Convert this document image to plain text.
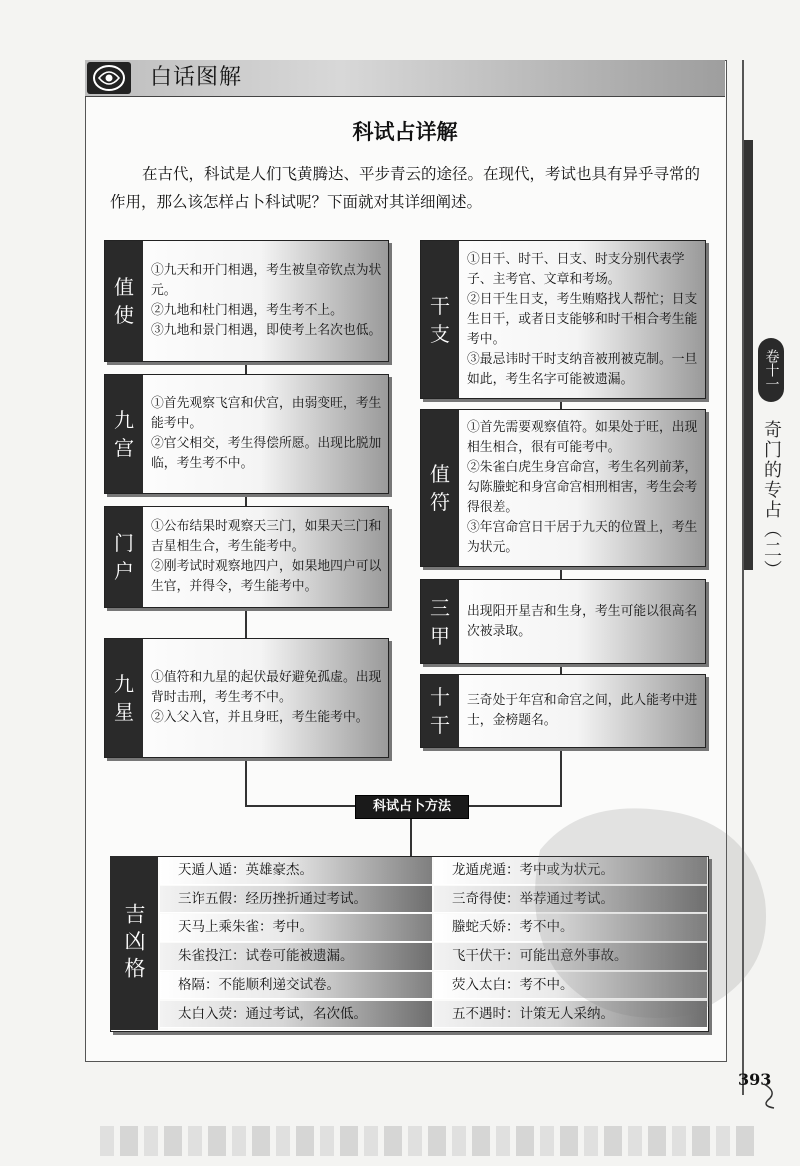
白话图解
科试占详解
在古代，科试是人们飞黄腾达、平步青云的途径。在现代，考试也具有异乎寻常的作用，那么该怎样占卜科试呢？下面就对其详细阐述。
值
使
①九天和开门相遇，考生被皇帝钦点为状元。
②九地和杜门相遇，考生考不上。
③九地和景门相遇，即使考上名次也低。
九
宫
①首先观察飞宫和伏宫，由弱变旺，考生能考中。
②官父相交，考生得偿所愿。出现比脱加临，考生考不中。
门
户
①公布结果时观察天三门，如果天三门和吉星相生合，考生能考中。
②刚考试时观察地四户，如果地四户可以生官，并得令，考生能考中。
九
星
①值符和九星的起伏最好避免孤虚。出现背时击刑，考生考不中。
②入父入官，并且身旺，考生能考中。
干
支
①日干、时干、日支、时支分别代表学子、主考官、文章和考场。
②日干生日支，考生贿赂找人帮忙；日支生日干，或者日支能够和时干相合考生能考中。
③最忌讳时干时支纳音被刑被克制。一旦如此，考生名字可能被遗漏。
值
符
①首先需要观察值符。如果处于旺，出现相生相合，很有可能考中。
②朱雀白虎生身宫命宫，考生名列前茅，勾陈螣蛇和身宫命宫相刑相害，考生会考得很差。
③年宫命宫日干居于九天的位置上，考生为状元。
三
甲
出现阳开星吉和生身，考生可能以很高名次被录取。
十
干
三奇处于年宫和命宫之间，此人能考中进士，金榜题名。
科试占卜方法
吉凶格
天遁人遁：英雄豪杰。
三诈五假：经历挫折通过考试。
天马上乘朱雀：考中。
朱雀投江：试卷可能被遗漏。
格隔：不能顺利递交试卷。
太白入荧：通过考试，名次低。
龙遁虎遁：考中或为状元。
三奇得使：举荐通过考试。
螣蛇夭娇：考不中。
飞干伏干：可能出意外事故。
荧入太白：考不中。
五不遇时：计策无人采纳。
卷十一
奇门的专占（二）
393
